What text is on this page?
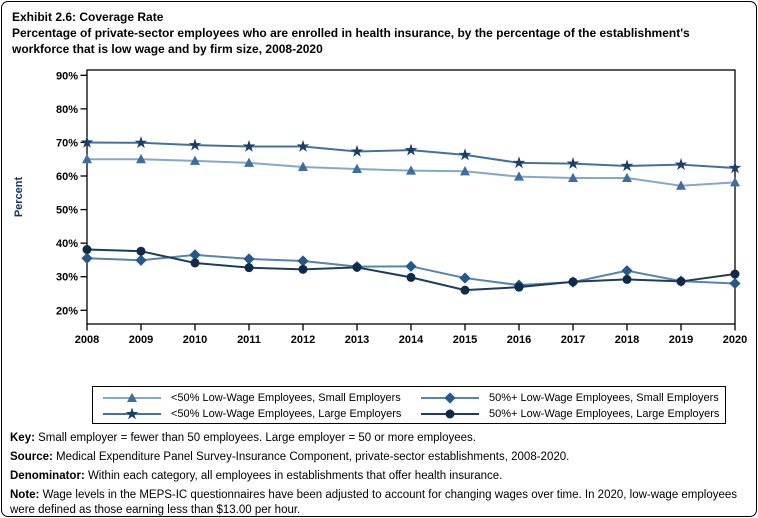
Exhibit 2.6: Coverage Rate
Percentage of private-sector employees who are enrolled in health insurance, by the percentage of the establishment's workforce that is low wage and by firm size, 2008-2020
90%
80%
70%
60%
50%
40%
30%
20%
2008	2009	2010	2011	2012	2013	2014	2015	2016	2017	2018	2019	2020
Percent
<50% Low-Wage Employees, Small Employers	50%+ Low-Wage Employees, Small Employers
<50% Low-Wage Employees, Large Employers	50%+ Low-Wage Employees, Large Employers
Key: Small employer = fewer than 50 employees. Large employer = 50 or more employees.
Source: Medical Expenditure Panel Survey-Insurance Component, private-sector establishments, 2008-2020.
Denominator: Within each category, all employees in establishments that offer health insurance.
Note: Wage levels in the MEPS-IC questionnaires have been adjusted to account for changing wages over time. In 2020, low-wage employees were defined as those earning less than $13.00 per hour.
